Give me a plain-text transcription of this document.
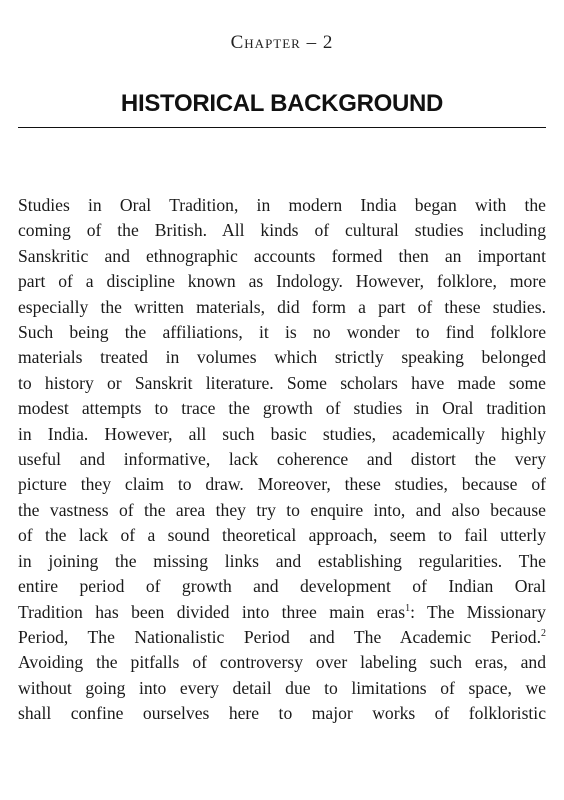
Chapter – 2
HISTORICAL BACKGROUND
Studies in Oral Tradition, in modern India began with the
coming of the British. All kinds of cultural studies including
Sanskritic and ethnographic accounts formed then an important
part of a discipline known as Indology. However, folklore, more
especially the written materials, did form a part of these studies.
Such being the affiliations, it is no wonder to find folklore
materials treated in volumes which strictly speaking belonged
to history or Sanskrit literature. Some scholars have made some
modest attempts to trace the growth of studies in Oral tradition
in India. However, all such basic studies, academically highly
useful and informative, lack coherence and distort the very
picture they claim to draw. Moreover, these studies, because of
the vastness of the area they try to enquire into, and also because
of the lack of a sound theoretical approach, seem to fail utterly
in joining the missing links and establishing regularities. The
entire period of growth and development of Indian Oral
Tradition has been divided into three main eras$^1$: The Missionary
Period, The Nationalistic Period and The Academic Period.$^2$
Avoiding the pitfalls of controversy over labeling such eras, and
without going into every detail due to limitations of space, we
shall confine ourselves here to major works of folkloristic
